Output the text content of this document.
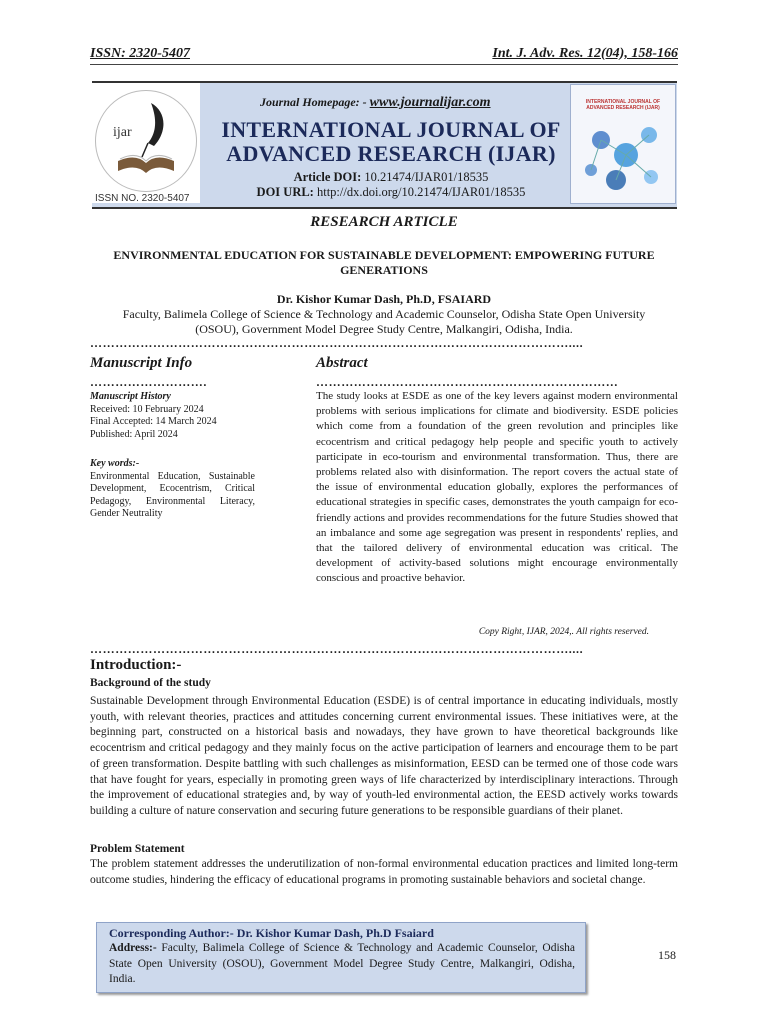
ISSN: 2320-5407	Int. J. Adv. Res. 12(04), 158-166
ijar
ISSN NO. 2320-5407
Journal Homepage: - www.journalijar.com
INTERNATIONAL JOURNAL OF
ADVANCED RESEARCH (IJAR)
Article DOI: 10.21474/IJAR01/18535
DOI URL: http://dx.doi.org/10.21474/IJAR01/18535
INTERNATIONAL JOURNAL OF ADVANCED RESEARCH (IJAR)
RESEARCH ARTICLE
ENVIRONMENTAL EDUCATION FOR SUSTAINABLE DEVELOPMENT: EMPOWERING FUTURE
GENERATIONS
Dr. Kishor Kumar Dash, Ph.D, FSAIARD
Faculty, Balimela College of Science & Technology and Academic Counselor, Odisha State Open University
(OSOU), Government Model Degree Study Centre, Malkangiri, Odisha, India.
……………………………………………………………………………………………………....
Manuscript Info	Abstract
……………………….	………………………………………………………………
Manuscript History
Received: 10 February 2024
Final Accepted: 14 March 2024
Published: April 2024
Key words:-
Environmental Education, Sustainable
Development, Ecocentrism, Critical
Pedagogy, Environmental Literacy,
Gender Neutrality
The study looks at ESDE as one of the key levers against modern environmental problems with serious implications for climate and biodiversity. ESDE policies which come from a foundation of the green revolution and principles like ecocentrism and critical pedagogy help people and specific youth to actively participate in eco-tourism and environmental transformation. Thus, there are problems related also with disinformation. The report covers the actual state of the issue of environmental education globally, explores the performances of educational strategies in specific cases, demonstrates the youth campaign for eco-friendly actions and provides recommendations for the future Studies showed that an imbalance and some age segregation was present in respondents' replies, and that the tailored delivery of environmental education was critical. The development of activity-based solutions might encourage environmentally conscious and proactive behavior.
Copy Right, IJAR, 2024,. All rights reserved.
……………………………………………………………………………………………………....
Introduction:-
Background of the study
Sustainable Development through Environmental Education (ESDE) is of central importance in educating individuals, mostly youth, with relevant theories, practices and attitudes concerning current environmental issues. These initiatives were, at the beginning part, constructed on a historical basis and nowadays, they have grown to have theoretical backgrounds like ecocentrism and critical pedagogy and they mainly focus on the active participation of learners and encourage them to be part of green transformation. Despite battling with such challenges as misinformation, EESD can be termed one of those code wars that have fought for years, especially in promoting green ways of life characterized by interdisciplinary interactions. Through the improvement of educational strategies and, by way of youth-led environmental action, the EESD actively works towards building a culture of nature conservation and securing future generations to be responsible guardians of their planet.
Problem Statement
The problem statement addresses the underutilization of non-formal environmental education practices and limited long-term outcome studies, hindering the efficacy of educational programs in promoting sustainable behaviors and societal change.
Corresponding Author:- Dr. Kishor Kumar Dash, Ph.D Fsaiard
Address:- Faculty, Balimela College of Science & Technology and Academic Counselor, Odisha State Open University (OSOU), Government Model Degree Study Centre, Malkangiri, Odisha, India.
158
